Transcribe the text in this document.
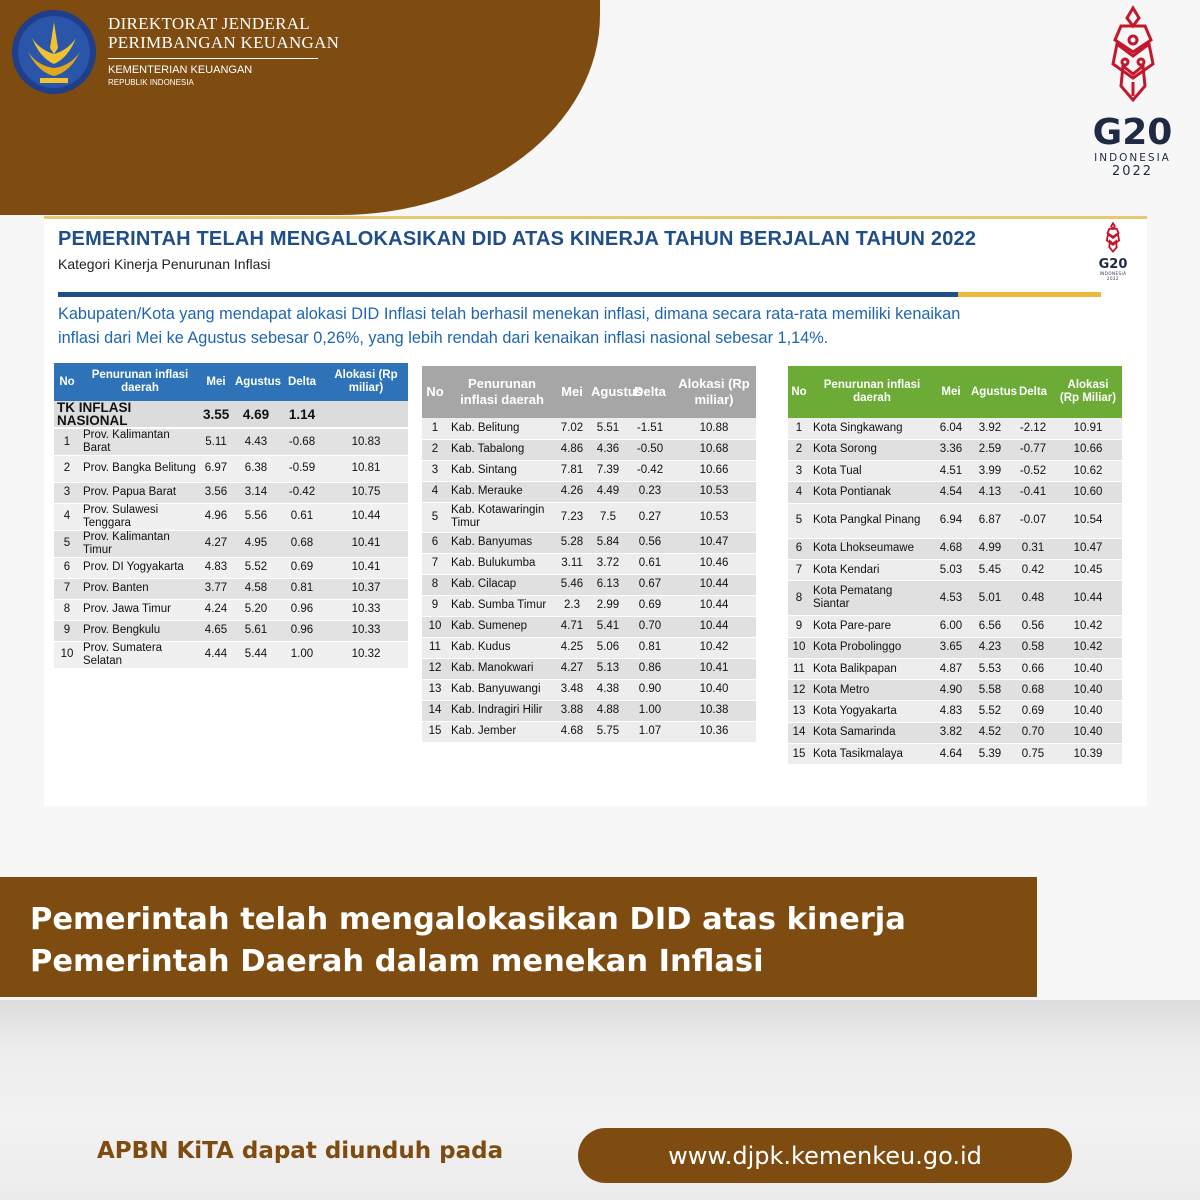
DIREKTORAT JENDERAL
PERIMBANGAN KEUANGAN
KEMENTERIAN KEUANGAN
REPUBLIK INDONESIA
G20
INDONESIA
2022
PEMERINTAH TELAH MENGALOKASIKAN DID ATAS KINERJA TAHUN BERJALAN TAHUN 2022
Kategori Kinerja Penurunan Inflasi	G20
INDONESIA
2022
Kabupaten/Kota yang mendapat alokasi DID Inflasi telah berhasil menekan inflasi, dimana secara rata-rata memiliki kenaikan
inflasi dari Mei ke Agustus sebesar 0,26%, yang lebih rendah dari kenaikan inflasi nasional sebesar 1,14%.
No	Penurunan inflasi daerah	Mei	Agustus	Delta	Alokasi (Rp miliar)
TK INFLASI NASIONAL		3.55	4.69	1.14	
1	Prov. Kalimantan Barat	5.11	4.43	-0.68	10.83
2	Prov. Bangka Belitung	6.97	6.38	-0.59	10.81
3	Prov. Papua Barat	3.56	3.14	-0.42	10.75
4	Prov. Sulawesi Tenggara	4.96	5.56	0.61	10.44
5	Prov. Kalimantan Timur	4.27	4.95	0.68	10.41
6	Prov. DI Yogyakarta	4.83	5.52	0.69	10.41
7	Prov. Banten	3.77	4.58	0.81	10.37
8	Prov. Jawa Timur	4.24	5.20	0.96	10.33
9	Prov. Bengkulu	4.65	5.61	0.96	10.33
10	Prov. Sumatera Selatan	4.44	5.44	1.00	10.32
No	Penurunan inflasi daerah	Mei	Agustus	Delta	Alokasi (Rp miliar)
1	Kab. Belitung	7.02	5.51	-1.51	10.88
2	Kab. Tabalong	4.86	4.36	-0.50	10.68
3	Kab. Sintang	7.81	7.39	-0.42	10.66
4	Kab. Merauke	4.26	4.49	0.23	10.53
5	Kab. Kotawaringin Timur	7.23	7.5	0.27	10.53
6	Kab. Banyumas	5.28	5.84	0.56	10.47
7	Kab. Bulukumba	3.11	3.72	0.61	10.46
8	Kab. Cilacap	5.46	6.13	0.67	10.44
9	Kab. Sumba Timur	2.3	2.99	0.69	10.44
10	Kab. Sumenep	4.71	5.41	0.70	10.44
11	Kab. Kudus	4.25	5.06	0.81	10.42
12	Kab. Manokwari	4.27	5.13	0.86	10.41
13	Kab. Banyuwangi	3.48	4.38	0.90	10.40
14	Kab. Indragiri Hilir	3.88	4.88	1.00	10.38
15	Kab. Jember	4.68	5.75	1.07	10.36
No	Penurunan inflasi daerah	Mei	Agustus	Delta	Alokasi (Rp Miliar)
1	Kota Singkawang	6.04	3.92	-2.12	10.91
2	Kota Sorong	3.36	2.59	-0.77	10.66
3	Kota Tual	4.51	3.99	-0.52	10.62
4	Kota Pontianak	4.54	4.13	-0.41	10.60
5	Kota Pangkal Pinang	6.94	6.87	-0.07	10.54
6	Kota Lhokseumawe	4.68	4.99	0.31	10.47
7	Kota Kendari	5.03	5.45	0.42	10.45
8	Kota Pematang Siantar	4.53	5.01	0.48	10.44
9	Kota Pare-pare	6.00	6.56	0.56	10.42
10	Kota Probolinggo	3.65	4.23	0.58	10.42
11	Kota Balikpapan	4.87	5.53	0.66	10.40
12	Kota Metro	4.90	5.58	0.68	10.40
13	Kota Yogyakarta	4.83	5.52	0.69	10.40
14	Kota Samarinda	3.82	4.52	0.70	10.40
15	Kota Tasikmalaya	4.64	5.39	0.75	10.39
Pemerintah telah mengalokasikan DID atas kinerja
Pemerintah Daerah dalam menekan Inflasi
APBN KiTA dapat diunduh pada	www.djpk.kemenkeu.go.id
